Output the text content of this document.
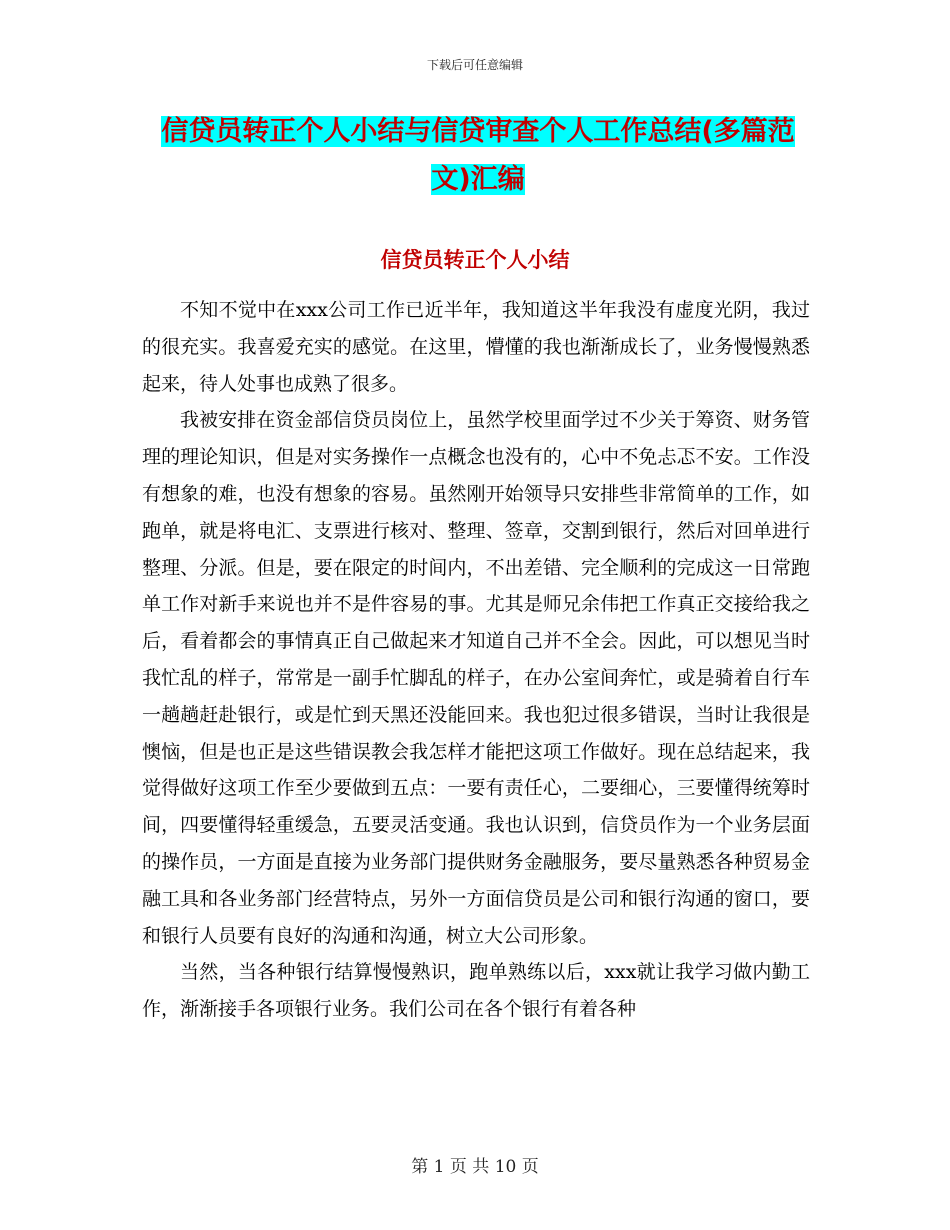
下载后可任意编辑
信贷员转正个人小结与信贷审查个人工作总结(多篇范文)汇编
信贷员转正个人小结

不知不觉中在xxx公司工作已近半年，我知道这半年我没有虚度光阴，我过的很充实。我喜爱充实的感觉。在这里，懵懂的我也渐渐成长了，业务慢慢熟悉起来，待人处事也成熟了很多。

我被安排在资金部信贷员岗位上，虽然学校里面学过不少关于筹资、财务管理的理论知识，但是对实务操作一点概念也没有的，心中不免忐忑不安。工作没有想象的难，也没有想象的容易。虽然刚开始领导只安排些非常简单的工作，如跑单，就是将电汇、支票进行核对、整理、签章，交割到银行，然后对回单进行整理、分派。但是，要在限定的时间内，不出差错、完全顺利的完成这一日常跑单工作对新手来说也并不是件容易的事。尤其是师兄余伟把工作真正交接给我之后，看着都会的事情真正自己做起来才知道自己并不全会。因此，可以想见当时我忙乱的样子，常常是一副手忙脚乱的样子，在办公室间奔忙，或是骑着自行车一趟趟赶赴银行，或是忙到天黑还没能回来。我也犯过很多错误，当时让我很是懊恼，但是也正是这些错误教会我怎样才能把这项工作做好。现在总结起来，我觉得做好这项工作至少要做到五点：一要有责任心，二要细心，三要懂得统筹时间，四要懂得轻重缓急，五要灵活变通。我也认识到，信贷员作为一个业务层面的操作员，一方面是直接为业务部门提供财务金融服务，要尽量熟悉各种贸易金融工具和各业务部门经营特点，另外一方面信贷员是公司和银行沟通的窗口，要和银行人员要有良好的沟通和沟通，树立大公司形象。

当然，当各种银行结算慢慢熟识，跑单熟练以后，xxx就让我学习做内勤工作，渐渐接手各项银行业务。我们公司在各个银行有着各种

第 1 页 共 10 页
